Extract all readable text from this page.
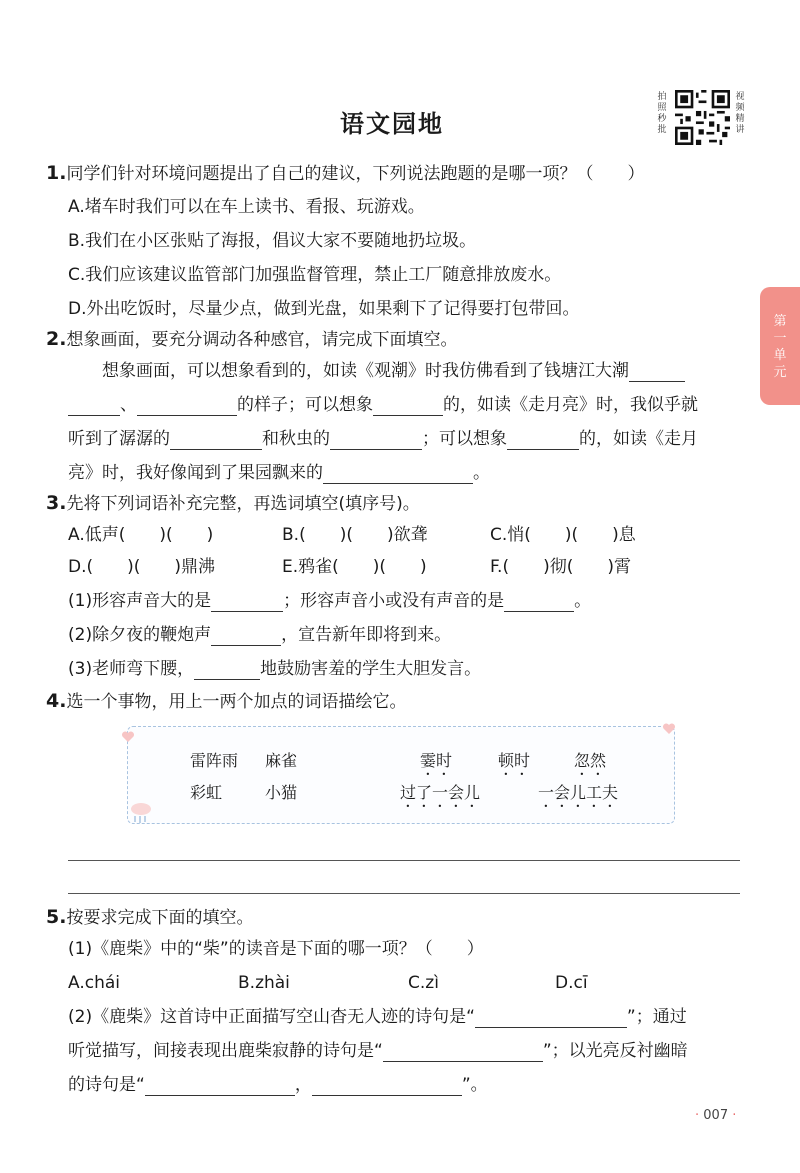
语文园地
拍照秒批
视频精讲
第一单元
1.同学们针对环境问题提出了自己的建议，下列说法跑题的是哪一项？（　　）
A.堵车时我们可以在车上读书、看报、玩游戏。
B.我们在小区张贴了海报，倡议大家不要随地扔垃圾。
C.我们应该建议监管部门加强监督管理，禁止工厂随意排放废水。
D.外出吃饭时，尽量少点，做到光盘，如果剩下了记得要打包带回。
2.想象画面，要充分调动各种感官，请完成下面填空。
想象画面，可以想象看到的，如读《观潮》时我仿佛看到了钱塘江大潮
、	的样子；可以想象	的，如读《走月亮》时，我似乎就
听到了潺潺的	和秋虫的	；可以想象	的，如读《走月
亮》时，我好像闻到了果园飘来的	。
3.先将下列词语补充完整，再选词填空(填序号)。
A.低声(　　)(　　)	B.(　　)(　　)欲聋	C.悄(　　)(　　)息
D.(　　)(　　)鼎沸	E.鸦雀(　　)(　　)	F.(　　)彻(　　)霄
(1)形容声音大的是	；形容声音小或没有声音的是	。
(2)除夕夜的鞭炮声	，宣告新年即将到来。
(3)老师弯下腰，	地鼓励害羞的学生大胆发言。
4.选一个事物，用上一两个加点的词语描绘它。
雷阵雨 麻雀
彩虹	小猫
霎时	顿时	忽然
过了一会儿	一会儿工夫
5.按要求完成下面的填空。
(1)《鹿柴》中的“柴”的读音是下面的哪一项？（　　）
A.chái	B.zhài	C.zì	D.cī
(2)《鹿柴》这首诗中正面描写空山杳无人迹的诗句是“	”；通过
听觉描写，间接表现出鹿柴寂静的诗句是“	”；以光亮反衬幽暗
的诗句是“	，	”。
· 007 ·
